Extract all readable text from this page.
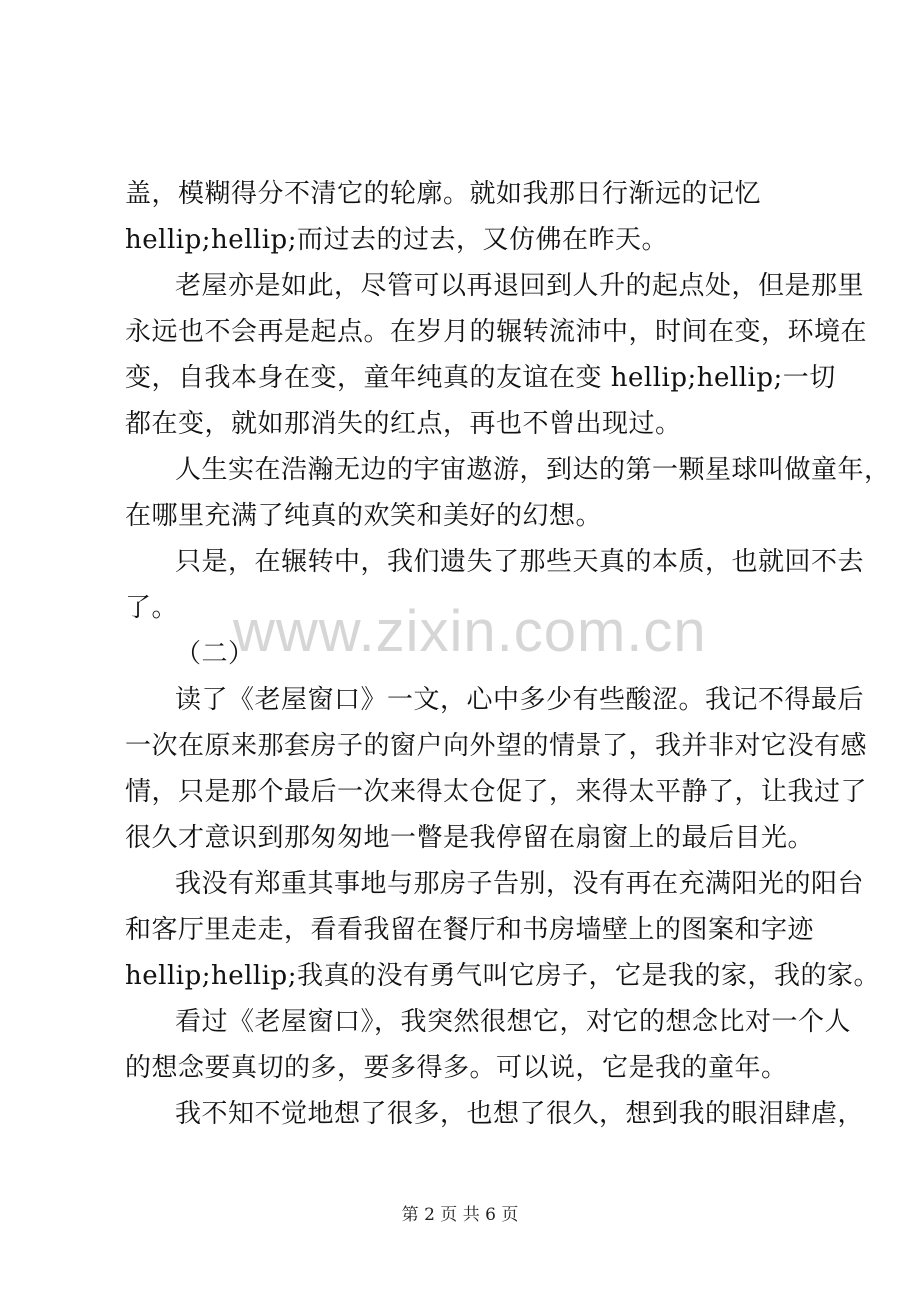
盖，模糊得分不清它的轮廓。就如我那日行渐远的记忆
hellip;hellip;而过去的过去，又仿佛在昨天。
老屋亦是如此，尽管可以再退回到人升的起点处，但是那里
永远也不会再是起点。在岁月的辗转流沛中，时间在变，环境在
变，自我本身在变，童年纯真的友谊在变 hellip;hellip;一切
都在变，就如那消失的红点，再也不曾出现过。
人生实在浩瀚无边的宇宙遨游，到达的第一颗星球叫做童年，
在哪里充满了纯真的欢笑和美好的幻想。
只是，在辗转中，我们遗失了那些天真的本质，也就回不去
了。 www.zixin.com.cn
（二）
读了《老屋窗口》一文，心中多少有些酸涩。我记不得最后
一次在原来那套房子的窗户向外望的情景了，我并非对它没有感
情，只是那个最后一次来得太仓促了，来得太平静了，让我过了
很久才意识到那匆匆地一瞥是我停留在扇窗上的最后目光。
我没有郑重其事地与那房子告别，没有再在充满阳光的阳台
和客厅里走走，看看我留在餐厅和书房墙壁上的图案和字迹
hellip;hellip;我真的没有勇气叫它房子，它是我的家，我的家。
看过《老屋窗口》，我突然很想它，对它的想念比对一个人
的想念要真切的多，要多得多。可以说，它是我的童年。
我不知不觉地想了很多，也想了很久，想到我的眼泪肆虐，
第 2 页 共 6 页
